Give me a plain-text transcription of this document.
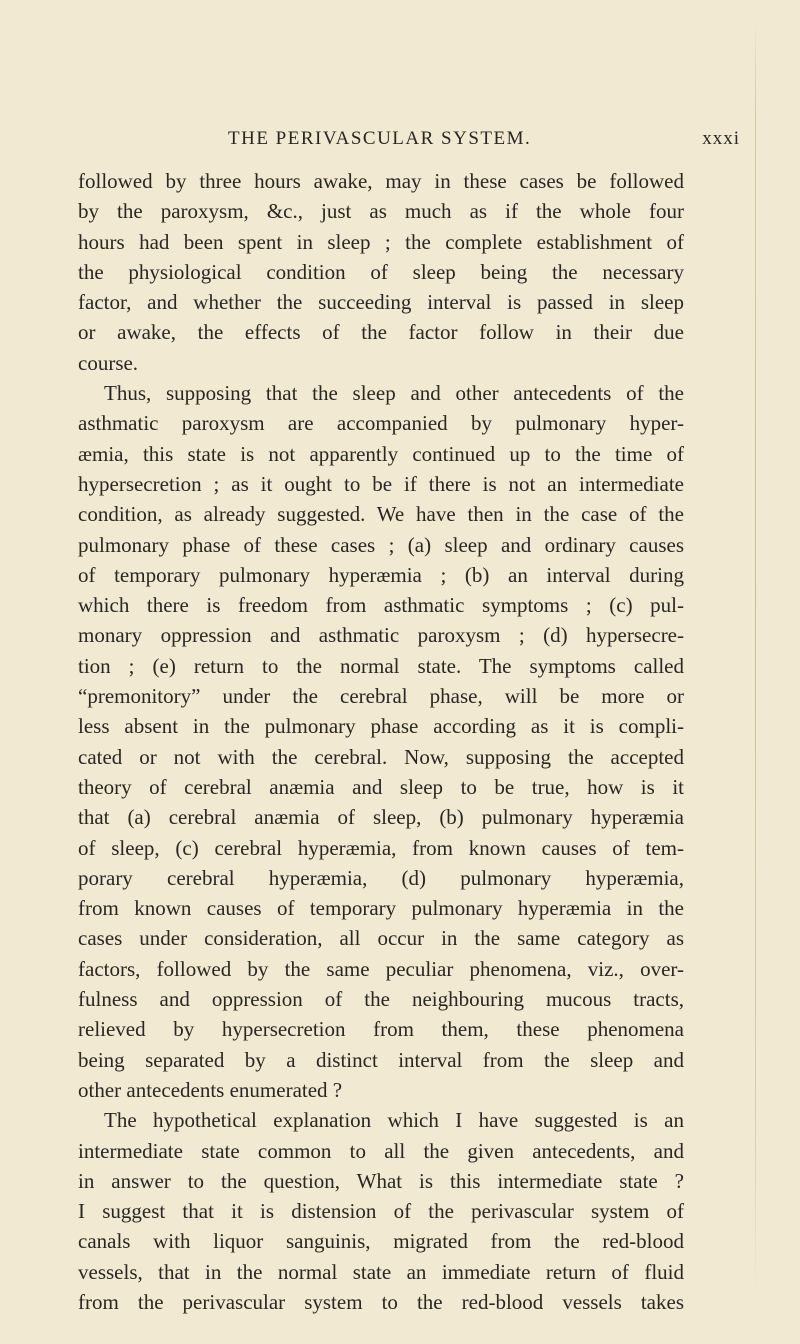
THE PERIVASCULAR SYSTEM.	xxxi
followed by three hours awake, may in these cases be followed
by the paroxysm, &c., just as much as if the whole four
hours had been spent in sleep ; the complete establishment of
the physiological condition of sleep being the necessary
factor, and whether the succeeding interval is passed in sleep
or awake, the effects of the factor follow in their due
course.
Thus, supposing that the sleep and other antecedents of the
asthmatic paroxysm are accompanied by pulmonary hyper-
æmia, this state is not apparently continued up to the time of
hypersecretion ; as it ought to be if there is not an intermediate
condition, as already suggested. We have then in the case of the
pulmonary phase of these cases ; (a) sleep and ordinary causes
of temporary pulmonary hyperæmia ; (b) an interval during
which there is freedom from asthmatic symptoms ; (c) pul-
monary oppression and asthmatic paroxysm ; (d) hypersecre-
tion ; (e) return to the normal state. The symptoms called
“premonitory” under the cerebral phase, will be more or
less absent in the pulmonary phase according as it is compli-
cated or not with the cerebral. Now, supposing the accepted
theory of cerebral anæmia and sleep to be true, how is it
that (a) cerebral anæmia of sleep, (b) pulmonary hyperæmia
of sleep, (c) cerebral hyperæmia, from known causes of tem-
porary cerebral hyperæmia, (d) pulmonary hyperæmia,
from known causes of temporary pulmonary hyperæmia in the
cases under consideration, all occur in the same category as
factors, followed by the same peculiar phenomena, viz., over-
fulness and oppression of the neighbouring mucous tracts,
relieved by hypersecretion from them, these phenomena
being separated by a distinct interval from the sleep and
other antecedents enumerated ?
The hypothetical explanation which I have suggested is an
intermediate state common to all the given antecedents, and
in answer to the question, What is this intermediate state ?
I suggest that it is distension of the perivascular system of
canals with liquor sanguinis, migrated from the red-blood
vessels, that in the normal state an immediate return of fluid
from the perivascular system to the red-blood vessels takes
